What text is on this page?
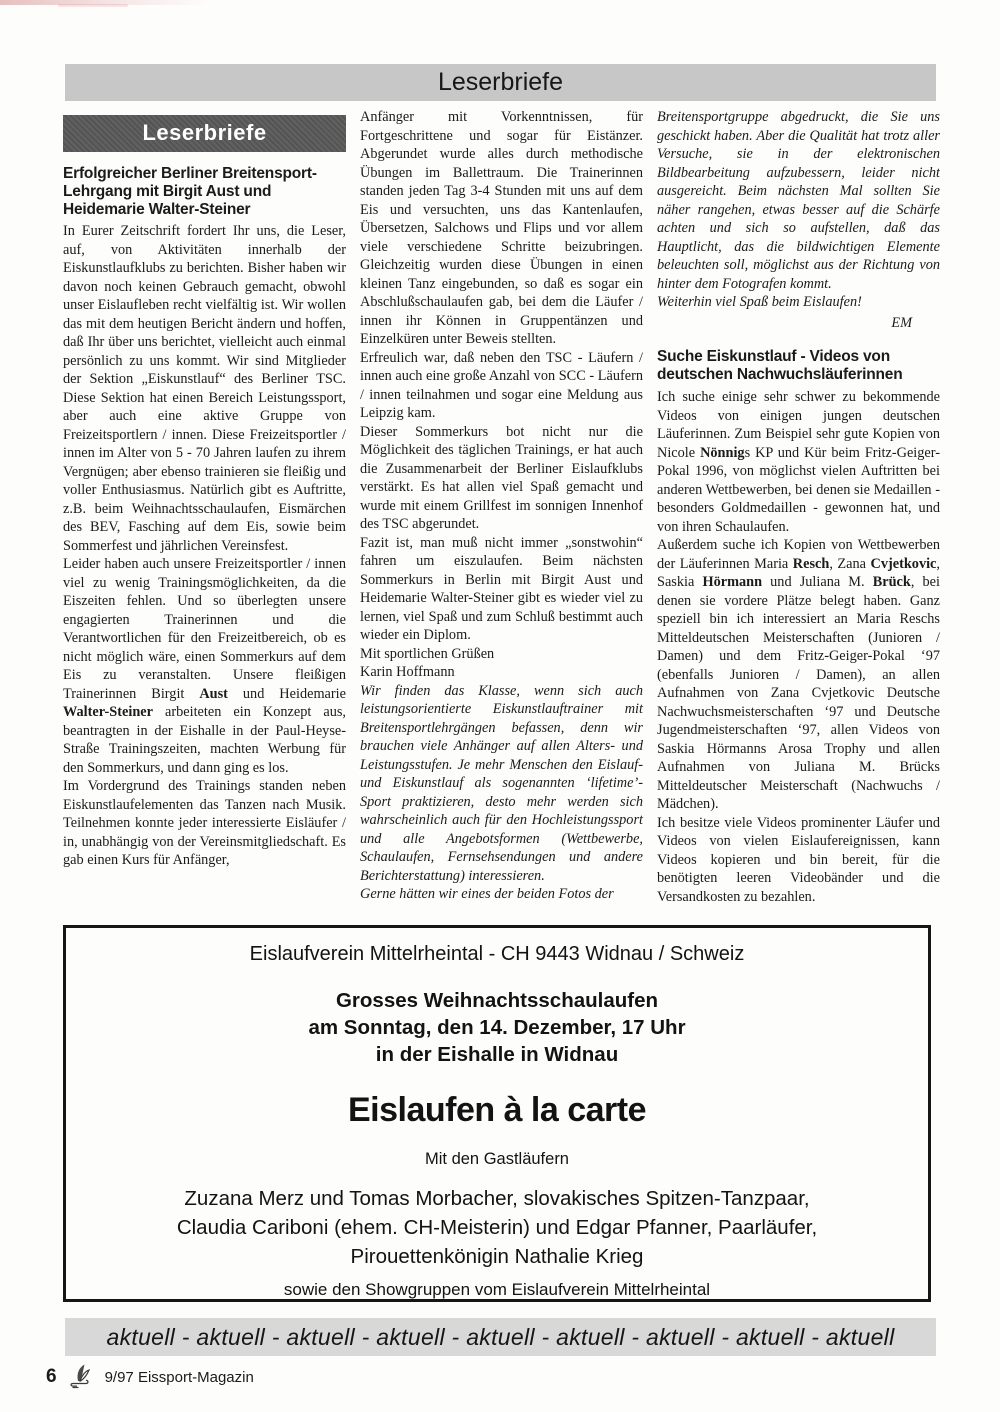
Leserbriefe
Leserbriefe
Erfolgreicher Berliner Breitensport-Lehrgang mit Birgit Aust und Heidemarie Walter-Steiner

In Eurer Zeitschrift fordert Ihr uns, die Leser, auf, von Aktivitäten innerhalb der Eiskunstlaufklubs zu berichten. Bisher haben wir davon noch keinen Gebrauch gemacht, obwohl unser Eislaufleben recht vielfältig ist. Wir wollen das mit dem heutigen Bericht ändern und hoffen, daß Ihr über uns berichtet, vielleicht auch einmal persönlich zu uns kommt. Wir sind Mitglieder der Sektion „Eiskunstlauf“ des Berliner TSC. Diese Sektion hat einen Bereich Leistungssport, aber auch eine aktive Gruppe von Freizeitsportlern / innen. Diese Freizeitsportler / innen im Alter von 5 - 70 Jahren laufen zu ihrem Vergnügen; aber ebenso trainieren sie fleißig und voller Enthusiasmus. Natürlich gibt es Auftritte, z.B. beim Weihnachtsschaulaufen, Eismärchen des BEV, Fasching auf dem Eis, sowie beim Sommerfest und jährlichen Vereinsfest.

Leider haben auch unsere Freizeitsportler / innen viel zu wenig Trainingsmöglichkeiten, da die Eiszeiten fehlen. Und so überlegten unsere engagierten Trainerinnen und die Verantwortlichen für den Freizeitbereich, ob es nicht möglich wäre, einen Sommerkurs auf dem Eis zu veranstalten. Unsere fleißigen Trainerinnen Birgit Aust und Heidemarie Walter-Steiner arbeiteten ein Konzept aus, beantragten in der Eishalle in der Paul-Heyse-Straße Trainingszeiten, machten Werbung für den Sommerkurs, und dann ging es los.

Im Vordergrund des Trainings standen neben Eiskunstlaufelementen das Tanzen nach Musik. Teilnehmen konnte jeder interessierte Eisläufer / in, unabhängig von der Vereinsmitgliedschaft. Es gab einen Kurs für Anfänger,

Anfänger mit Vorkenntnissen, für Fortgeschrittene und sogar für Eistänzer. Abgerundet wurde alles durch methodische Übungen im Ballettraum. Die Trainerinnen standen jeden Tag 3-4 Stunden mit uns auf dem Eis und versuchten, uns das Kantenlaufen, Übersetzen, Salchows und Flips und vor allem viele verschiedene Schritte beizubringen. Gleichzeitig wurden diese Übungen in einen kleinen Tanz eingebunden, so daß es sogar ein Abschlußschaulaufen gab, bei dem die Läufer / innen ihr Können in Gruppentänzen und Einzelküren unter Beweis stellten.

Erfreulich war, daß neben den TSC - Läufern / innen auch eine große Anzahl von SCC - Läufern / innen teilnahmen und sogar eine Meldung aus Leipzig kam.

Dieser Sommerkurs bot nicht nur die Möglichkeit des täglichen Trainings, er hat auch die Zusammenarbeit der Berliner Eislaufklubs verstärkt. Es hat allen viel Spaß gemacht und wurde mit einem Grillfest im sonnigen Innenhof des TSC abgerundet.

Fazit ist, man muß nicht immer „sonstwohin“ fahren um eiszulaufen. Beim nächsten Sommerkurs in Berlin mit Birgit Aust und Heidemarie Walter-Steiner gibt es wieder viel zu lernen, viel Spaß und zum Schluß bestimmt auch wieder ein Diplom.

Mit sportlichen Grüßen

Karin Hoffmann

Wir finden das Klasse, wenn sich auch leistungsorientierte Eiskunstlauftrainer mit Breitensportlehrgängen befassen, denn wir brauchen viele Anhänger auf allen Alters- und Leistungsstufen. Je mehr Menschen den Eislauf- und Eiskunstlauf als sogenannten ‘lifetime’- Sport praktizieren, desto mehr werden sich wahrscheinlich auch für den Hochleistungssport und alle Angebotsformen (Wettbewerbe, Schaulaufen, Fernsehsendungen und andere Berichterstattung) interessieren.

Gerne hätten wir eines der beiden Fotos der

Breitensportgruppe abgedruckt, die Sie uns geschickt haben. Aber die Qualität hat trotz aller Versuche, sie in der elektronischen Bildbearbeitung aufzubessern, leider nicht ausgereicht. Beim nächsten Mal sollten Sie näher rangehen, etwas besser auf die Schärfe achten und sich so aufstellen, daß das Hauptlicht, das die bildwichtigen Elemente beleuchten soll, möglichst aus der Richtung von hinter dem Fotografen kommt.

Weiterhin viel Spaß beim Eislaufen!

EM

Suche Eiskunstlauf - Videos von deutschen Nachwuchsläuferinnen

Ich suche einige sehr schwer zu bekommende Videos von einigen jungen deutschen Läuferinnen. Zum Beispiel sehr gute Kopien von Nicole Nönnigs KP und Kür beim Fritz-Geiger-Pokal 1996, von möglichst vielen Auftritten bei anderen Wettbewerben, bei denen sie Medaillen - besonders Goldmedaillen - gewonnen hat, und von ihren Schaulaufen.

Außerdem suche ich Kopien von Wettbewerben der Läuferinnen Maria Resch, Zana Cvjetkovic, Saskia Hörmann und Juliana M. Brück, bei denen sie vordere Plätze belegt haben. Ganz speziell bin ich interessiert an Maria Reschs Mitteldeutschen Meisterschaften (Junioren / Damen) und dem Fritz-Geiger-Pokal ‘97 (ebenfalls Junioren / Damen), an allen Aufnahmen von Zana Cvjetkovic Deutsche Nachwuchsmeisterschaften ‘97 und Deutsche Jugendmeisterschaften ‘97, allen Videos von Saskia Hörmanns Arosa Trophy und allen Aufnahmen von Juliana M. Brücks Mitteldeutscher Meisterschaft (Nachwuchs / Mädchen).

Ich besitze viele Videos prominenter Läufer und Videos von vielen Eislaufereignissen, kann Videos kopieren und bin bereit, für die benötigten leeren Videobänder und die Versandkosten zu bezahlen.

Eislaufverein Mittelrheintal - CH 9443 Widnau / Schweiz

Grosses Weihnachtsschaulaufen

am Sonntag, den 14. Dezember, 17 Uhr

in der Eishalle in Widnau

Eislaufen à la carte

Mit den Gastläufern

Zuzana Merz und Tomas Morbacher, slovakisches Spitzen-Tanzpaar,

Claudia Cariboni (ehem. CH-Meisterin) und Edgar Pfanner, Paarläufer,

Pirouettenkönigin Nathalie Krieg

sowie den Showgruppen vom Eislaufverein Mittelrheintal

aktuell - aktuell - aktuell - aktuell - aktuell - aktuell - aktuell - aktuell - aktuell
6	9/97 Eissport-Magazin
